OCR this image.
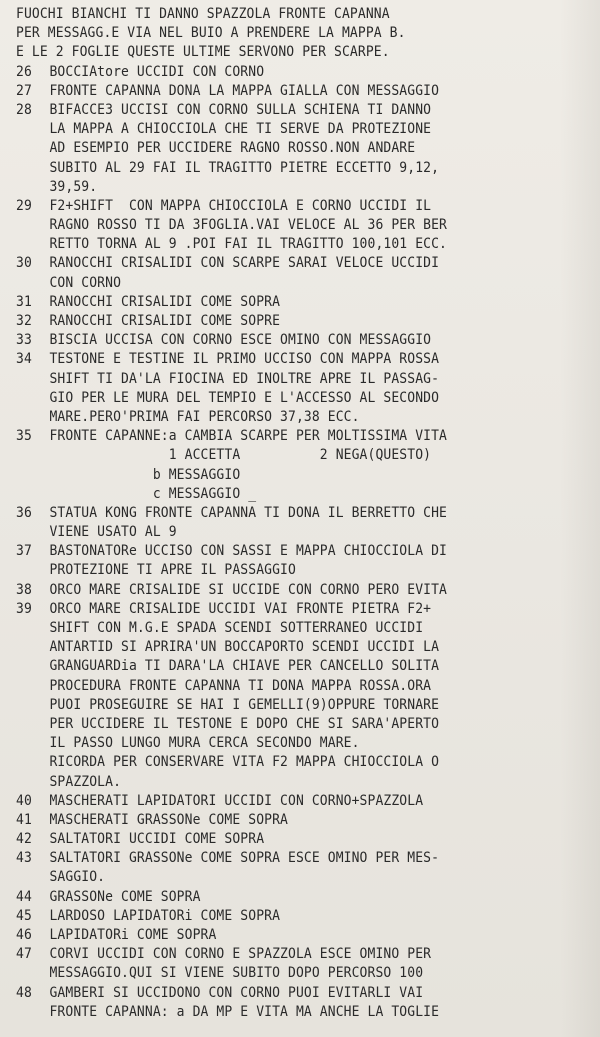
FUOCHI BIANCHI TI DANNO SPAZZOLA FRONTE CAPANNA
PER MESSAGG.E VIA NEL BUIO A PRENDERE LA MAPPA B.
E LE 2 FOGLIE QUESTE ULTIME SERVONO PER SCARPE.
26 BOCCIAtore UCCIDI CON CORNO
27 FRONTE CAPANNA DONA LA MAPPA GIALLA CON MESSAGGIO
28 BIFACCE3 UCCISI CON CORNO SULLA SCHIENA TI DANNO
LA MAPPA A CHIOCCIOLA CHE TI SERVE DA PROTEZIONE
AD ESEMPIO PER UCCIDERE RAGNO ROSSO.NON ANDARE
SUBITO AL 29 FAI IL TRAGITTO PIETRE ECCETTO 9,12,
39,59.
29 F2+SHIFT  CON MAPPA CHIOCCIOLA E CORNO UCCIDI IL
RAGNO ROSSO TI DA 3FOGLIA.VAI VELOCE AL 36 PER BER
RETTO TORNA AL 9 .POI FAI IL TRAGITTO 100,101 ECC.
30 RANOCCHI CRISALIDI CON SCARPE SARAI VELOCE UCCIDI
CON CORNO
31 RANOCCHI CRISALIDI COME SOPRA
32 RANOCCHI CRISALIDI COME SOPRE
33 BISCIA UCCISA CON CORNO ESCE OMINO CON MESSAGGIO
34 TESTONE E TESTINE IL PRIMO UCCISO CON MAPPA ROSSA
SHIFT TI DA'LA FIOCINA ED INOLTRE APRE IL PASSAG-
GIO PER LE MURA DEL TEMPIO E L'ACCESSO AL SECONDO
MARE.PERO'PRIMA FAI PERCORSO 37,38 ECC.
35 FRONTE CAPANNE:a CAMBIA SCARPE PER MOLTISSIMA VITA
1 ACCETTA          2 NEGA(QUESTO)
b MESSAGGIO
c MESSAGGIO _
36 STATUA KONG FRONTE CAPANNA TI DONA IL BERRETTO CHE
VIENE USATO AL 9
37 BASTONATORe UCCISO CON SASSI E MAPPA CHIOCCIOLA DI
PROTEZIONE TI APRE IL PASSAGGIO
38 ORCO MARE CRISALIDE SI UCCIDE CON CORNO PERO EVITA
39 ORCO MARE CRISALIDE UCCIDI VAI FRONTE PIETRA F2+
SHIFT CON M.G.E SPADA SCENDI SOTTERRANEO UCCIDI
ANTARTID SI APRIRA'UN BOCCAPORTO SCENDI UCCIDI LA
GRANGUARDia TI DARA'LA CHIAVE PER CANCELLO SOLITA
PROCEDURA FRONTE CAPANNA TI DONA MAPPA ROSSA.ORA
PUOI PROSEGUIRE SE HAI I GEMELLI(9)OPPURE TORNARE
PER UCCIDERE IL TESTONE E DOPO CHE SI SARA'APERTO
IL PASSO LUNGO MURA CERCA SECONDO MARE.
RICORDA PER CONSERVARE VITA F2 MAPPA CHIOCCIOLA O
SPAZZOLA.
40 MASCHERATI LAPIDATORI UCCIDI CON CORNO+SPAZZOLA
41 MASCHERATI GRASSONe COME SOPRA
42 SALTATORI UCCIDI COME SOPRA
43 SALTATORI GRASSONe COME SOPRA ESCE OMINO PER MES-
SAGGIO.
44 GRASSONe COME SOPRA
45 LARDOSO LAPIDATORi COME SOPRA
46 LAPIDATORi COME SOPRA
47 CORVI UCCIDI CON CORNO E SPAZZOLA ESCE OMINO PER
MESSAGGIO.QUI SI VIENE SUBITO DOPO PERCORSO 100
48 GAMBERI SI UCCIDONO CON CORNO PUOI EVITARLI VAI
FRONTE CAPANNA: a DA MP E VITA MA ANCHE LA TOGLIE
